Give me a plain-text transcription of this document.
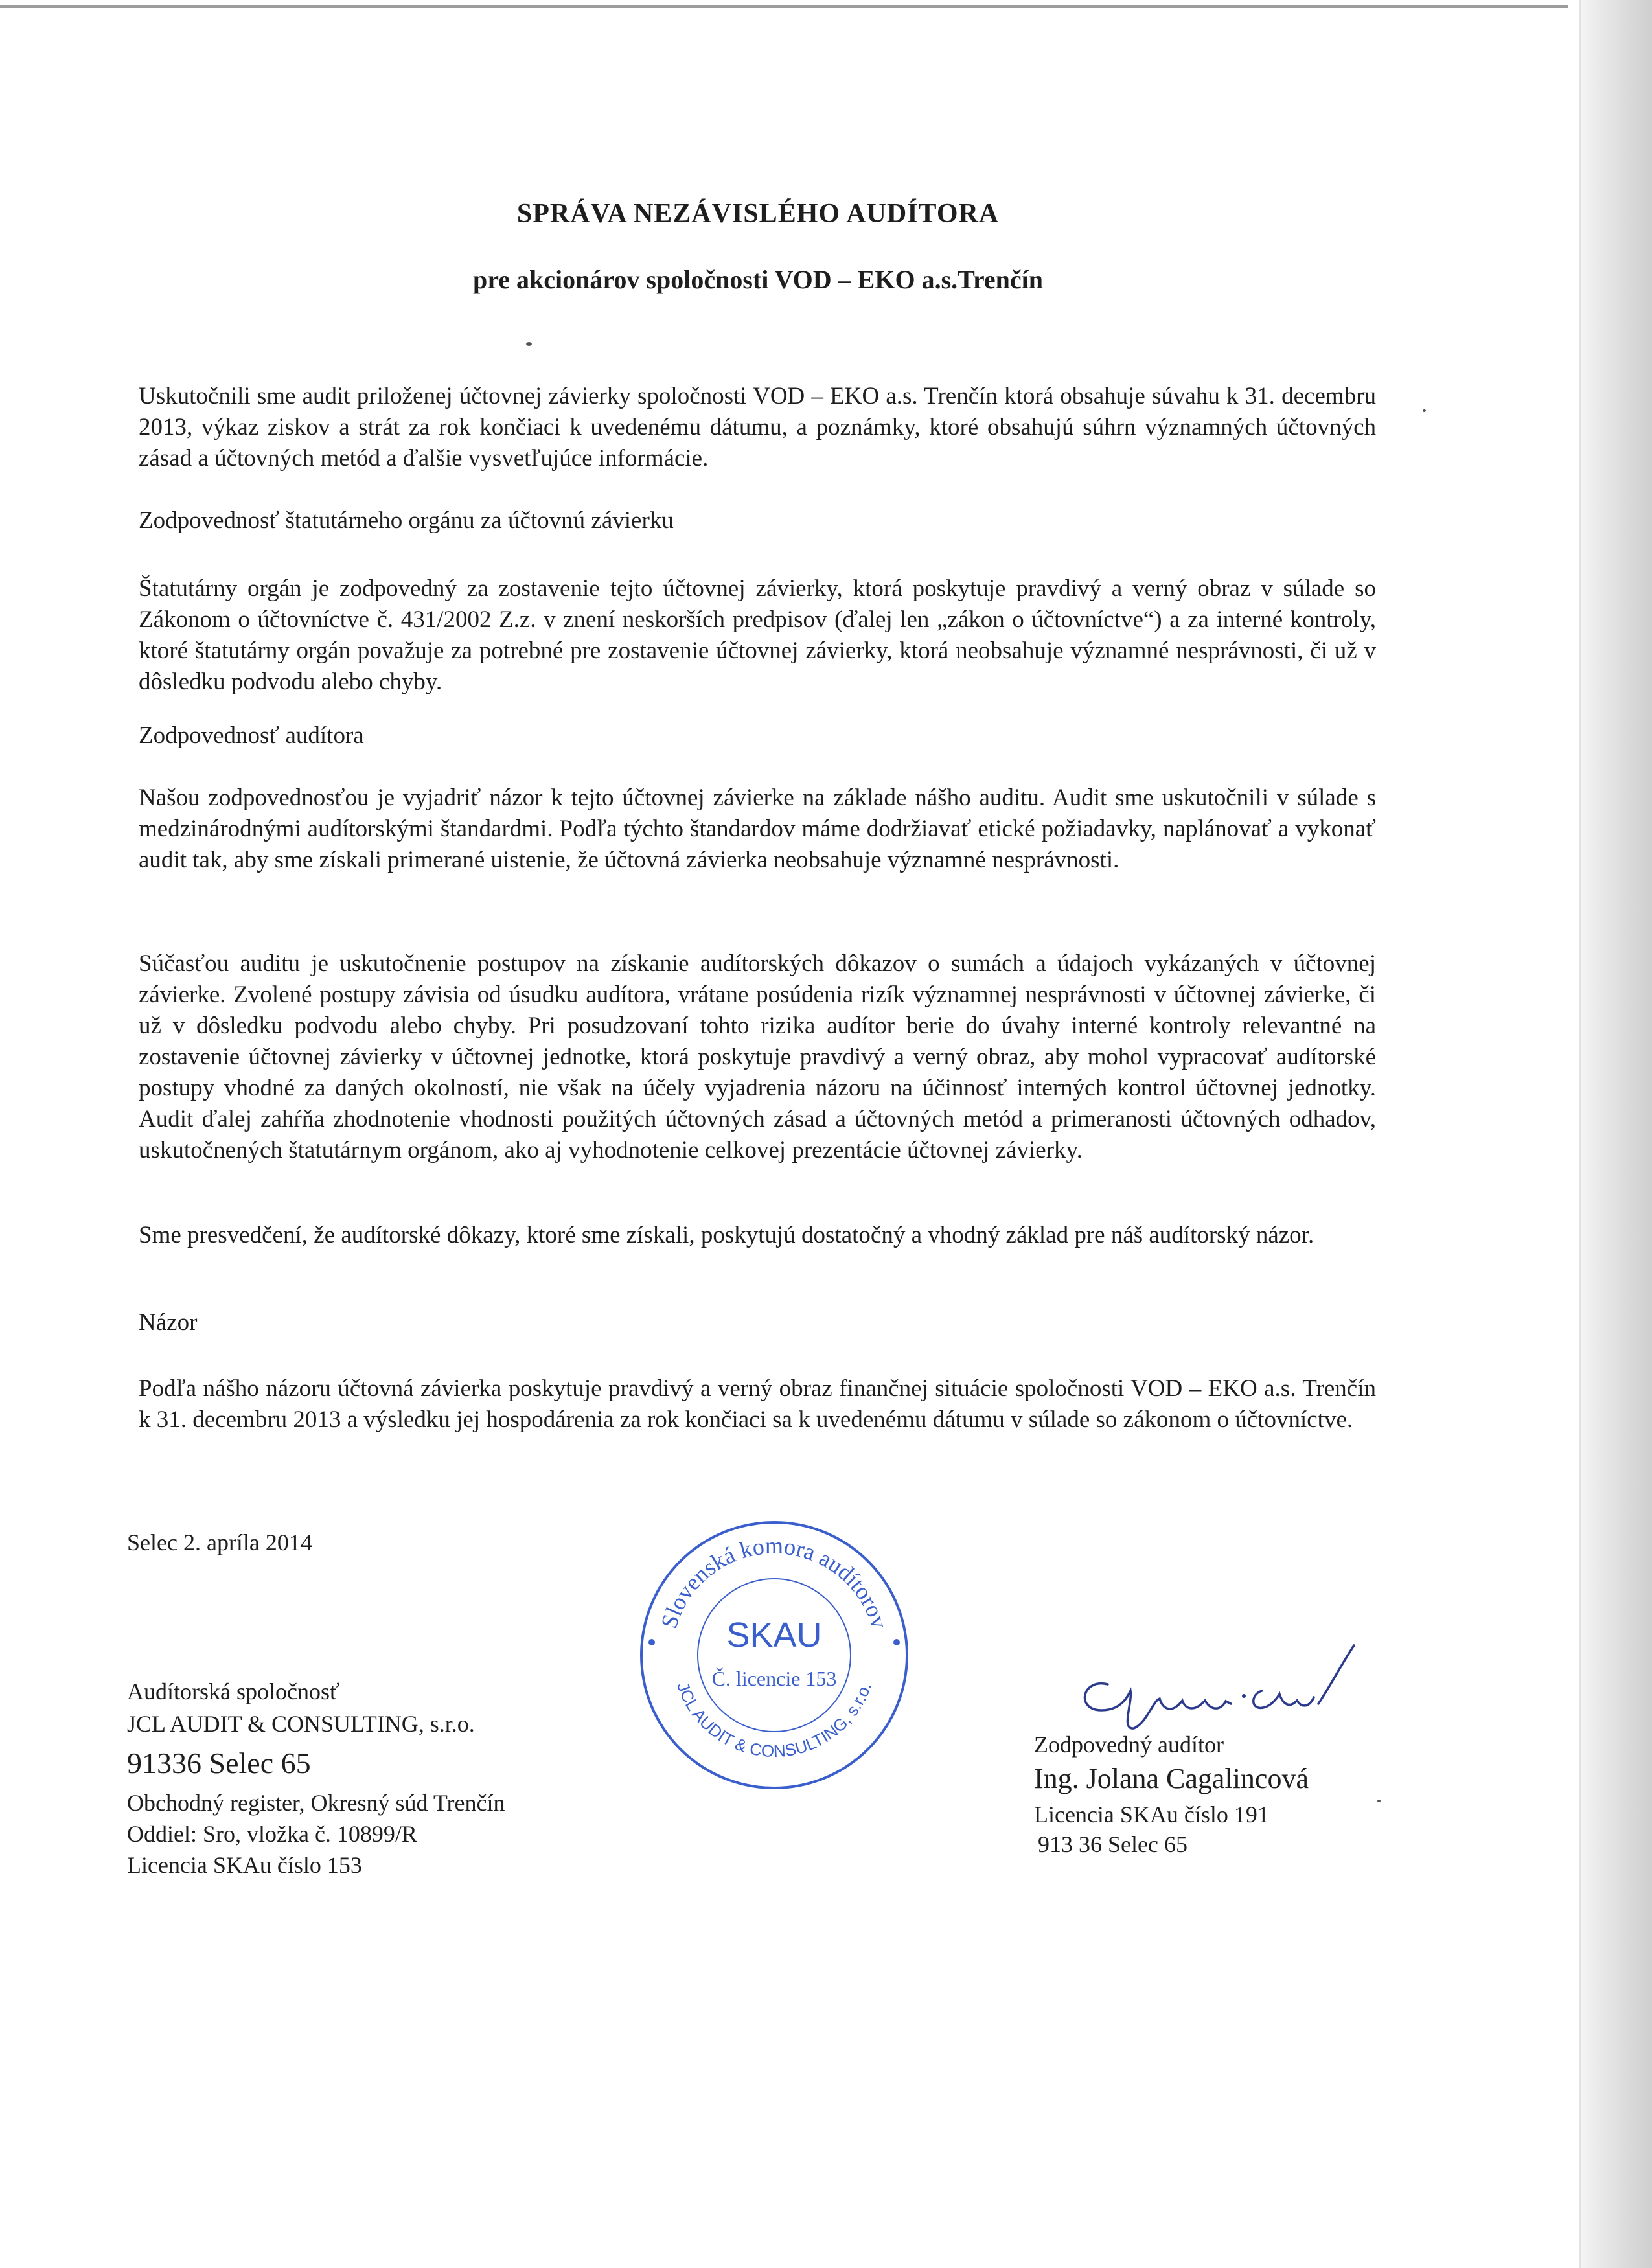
SPRÁVA NEZÁVISLÉHO AUDÍTORA
pre akcionárov spoločnosti VOD – EKO a.s.Trenčín

Uskutočnili sme audit priloženej účtovnej závierky spoločnosti VOD – EKO a.s. Trenčín ktorá obsahuje súvahu k 31. decembru 2013, výkaz ziskov a strát za rok končiaci k uvedenému dátumu, a poznámky, ktoré obsahujú súhrn významných účtovných zásad a účtovných metód a ďalšie vysvetľujúce informácie.

Zodpovednosť štatutárneho orgánu za účtovnú závierku

Štatutárny orgán je zodpovedný za zostavenie tejto účtovnej závierky, ktorá poskytuje pravdivý a verný obraz v súlade so Zákonom o účtovníctve č. 431/2002 Z.z. v znení neskorších predpisov (ďalej len „zákon o účtovníctve“) a za interné kontroly, ktoré štatutárny orgán považuje za potrebné pre zostavenie účtovnej závierky, ktorá neobsahuje významné nesprávnosti, či už v dôsledku podvodu alebo chyby.

Zodpovednosť audítora

Našou zodpovednosťou je vyjadriť názor k tejto účtovnej závierke na základe nášho auditu. Audit sme uskutočnili v súlade s medzinárodnými audítorskými štandardmi. Podľa týchto štandardov máme dodržiavať etické požiadavky, naplánovať a vykonať audit tak, aby sme získali primerané uistenie, že účtovná závierka neobsahuje významné nesprávnosti.

Súčasťou auditu je uskutočnenie postupov na získanie audítorských dôkazov o sumách a údajoch vykázaných v účtovnej závierke. Zvolené postupy závisia od úsudku audítora, vrátane posúdenia rizík významnej nesprávnosti v účtovnej závierke, či už v dôsledku podvodu alebo chyby. Pri posudzovaní tohto rizika audítor berie do úvahy interné kontroly relevantné na zostavenie účtovnej závierky v účtovnej jednotke, ktorá poskytuje pravdivý a verný obraz, aby mohol vypracovať audítorské postupy vhodné za daných okolností, nie však na účely vyjadrenia názoru na účinnosť interných kontrol účtovnej jednotky. Audit ďalej zahŕňa zhodnotenie vhodnosti použitých účtovných zásad a účtovných metód a primeranosti účtovných odhadov, uskutočnených štatutárnym orgánom, ako aj vyhodnotenie celkovej prezentácie účtovnej závierky.

Sme presvedčení, že audítorské dôkazy, ktoré sme získali, poskytujú dostatočný a vhodný základ pre náš audítorský názor.

Názor

Podľa nášho názoru účtovná závierka poskytuje pravdivý a verný obraz finančnej situácie spoločnosti VOD – EKO a.s. Trenčín k 31. decembru 2013 a výsledku jej hospodárenia za rok končiaci sa k uvedenému dátumu v súlade so zákonom o účtovníctve.

Selec 2. apríla 2014

Audítorská spoločnosť

JCL AUDIT & CONSULTING, s.r.o.

91336 Selec 65

Obchodný register, Okresný súd Trenčín

Oddiel: Sro, vložka č. 10899/R

Licencia SKAu číslo 153

Slovenská komora audítorov
JCL AUDIT & CONSULTING, s.r.o.
SKAU
Č. licencie 153

Zodpovedný audítor

Ing. Jolana Cagalincová

Licencia SKAu číslo 191

913 36 Selec 65
